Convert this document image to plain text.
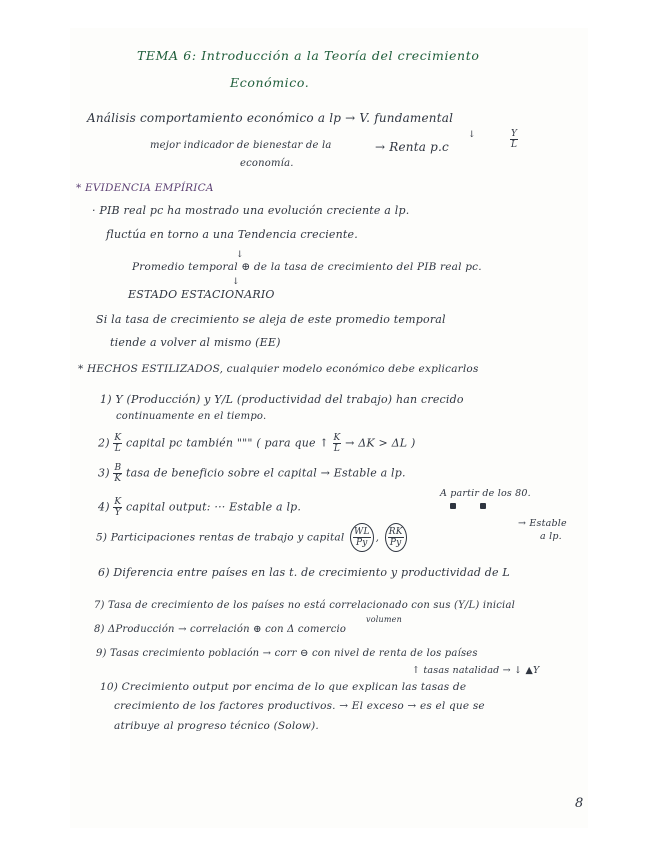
TEMA 6: Introducción a la Teoría del crecimiento
Económico.
Análisis comportamiento económico a lp → V. fundamental
↓
mejor indicador de bienestar de la	→ Renta p.c	$\frac{Y}{L}$
economía.
* EVIDENCIA EMPÍRICA
· PIB real pc ha mostrado una evolución creciente a lp.
fluctúa en torno a una Tendencia creciente.
↓
Promedio temporal ⊕ de la tasa de crecimiento del PIB real pc.
↓
ESTADO ESTACIONARIO
Si la tasa de crecimiento se aleja de este promedio temporal
tiende a volver al mismo (EE)
* HECHOS ESTILIZADOS, cualquier modelo económico debe explicarlos
1) Y (Producción) y Y/L (productividad del trabajo) han crecido
continuamente en el tiempo.
$2) \frac{K}{L}$ capital pc también """ ( para que ↑ $\frac{K}{L} \to \Delta K > \Delta L$ )
$3) \frac{B}{K}$ tasa de beneficio sobre el capital → Estable a lp.
A partir de los 80.
$4) \frac{K}{Y}$ capital output: ··· Estable a lp.
5) Participaciones rentas de trabajo y capital $\frac{WL}{Py}$ , $\frac{RK}{Py}$
→ Estable
a lp.
6) Diferencia entre países en las t. de crecimiento y productividad de L
7) Tasa de crecimiento de los países no está correlacionado con sus (Y/L) inicial
volumen
8) ΔProducción → correlación ⊕ con Δ comercio
9) Tasas crecimiento población → corr ⊖ con nivel de renta de los países
↑ tasas natalidad → ↓ ▲Y
10) Crecimiento output por encima de lo que explican las tasas de
crecimiento de los factores productivos. → El exceso → es el que se
atribuye al progreso técnico (Solow).
8
